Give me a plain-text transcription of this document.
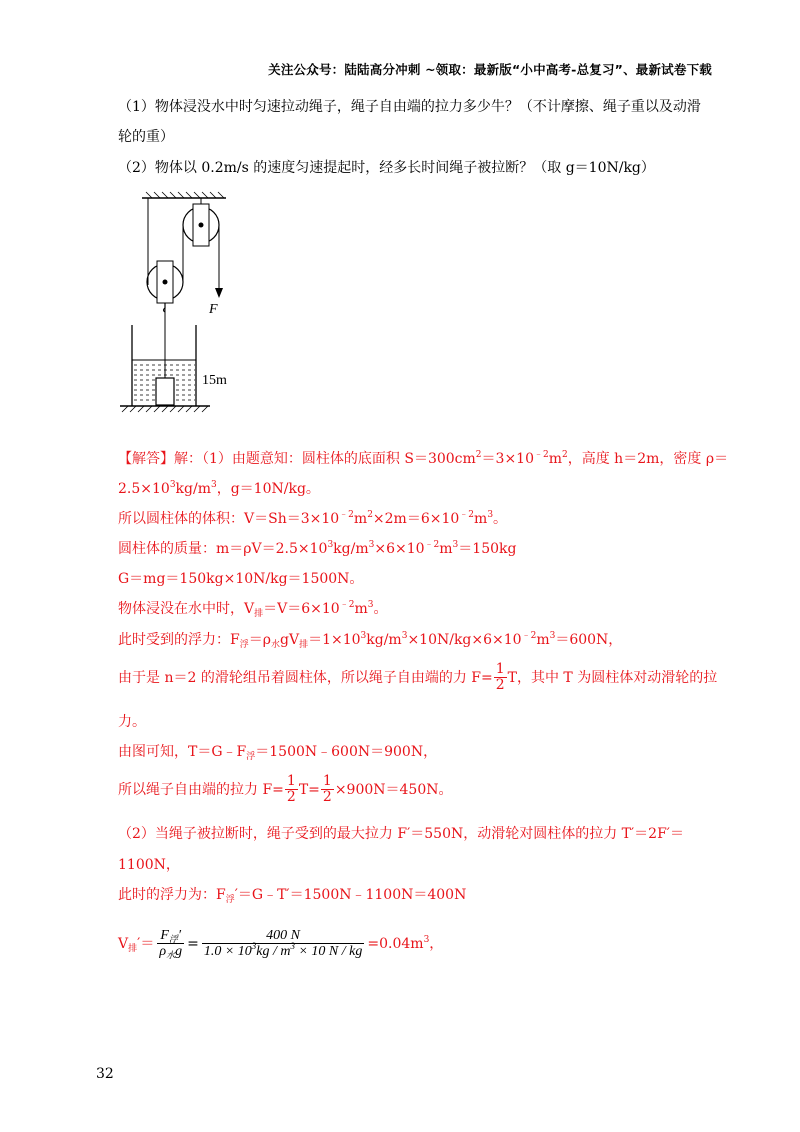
关注公众号：陆陆高分冲刺 ~领取：最新版“小中高考-总复习”、最新试卷下载
（1）物体浸没水中时匀速拉动绳子，绳子自由端的拉力多少牛？（不计摩擦、绳子重以及动滑
轮的重）
（2）物体以 0.2m/s 的速度匀速提起时，经多长时间绳子被拉断？（取 g＝10N/kg）
F
15m
【解答】解：（1）由题意知：圆柱体的底面积 $S=300cm^2=3\times 10^{﹣2}m^2$，高度 h＝2m，密度 ρ＝
$2.5\times 10^3kg/m^3$，g＝10N/kg。
所以圆柱体的体积：$V=Sh=3\times 10^{﹣2}m^2\times 2m=6\times 10^{﹣2}m^3$。
圆柱体的质量：$m=\rho V=2.5\times 10^3kg/m^3\times 6\times 10^{﹣2}m^3=150kg$
G＝mg＝150kg×10N/kg＝1500N。
物体浸没在水中时，$V_排=V=6\times 10^{﹣2}m^3$。
此时受到的浮力：$F_浮=\rho_水gV_排=1\times 10^3kg/m^3\times 10N/kg\times 6\times 10^{﹣2}m^3=600N$，
由于是 n＝2 的滑轮组吊着圆柱体，所以绳子自由端的力 $F= \frac{1}{2}$ T，其中 T 为圆柱体对动滑轮的拉
力。
由图可知，$T=G﹣F_浮=1500N﹣600N=900N$，
所以绳子自由端的拉力 $F= \frac{1}{2} T= \frac{1}{2} \times 900N=450N$。
（2）当绳子被拉断时，绳子受到的最大拉力 F′＝550N，动滑轮对圆柱体的拉力 T′＝2F′＝
1100N，
此时的浮力为：$F_浮'=G﹣T'=1500N﹣1100N=400N$
$V_排'= \frac{F_浮'}{\rho_水g} = \frac{400 N}{1.0 \times 10^3kg / m^3 \times 10 N / kg} =0.04m^3$，
32
